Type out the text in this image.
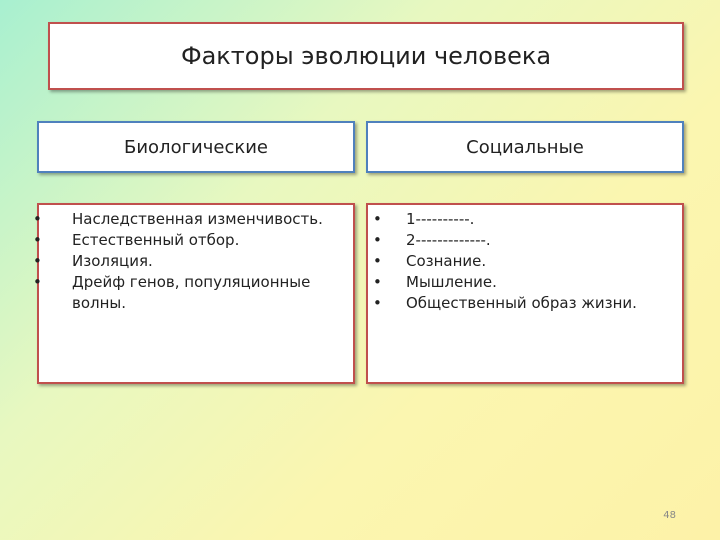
Факторы эволюции человека
Биологические	Социальные
• Наследственная изменчивость.
• Естественный отбор.
• Изоляция.
• Дрейф генов, популяционные волны.
• 1----------.
• 2-------------.
• Сознание.
• Мышление.
• Общественный образ жизни.
48
